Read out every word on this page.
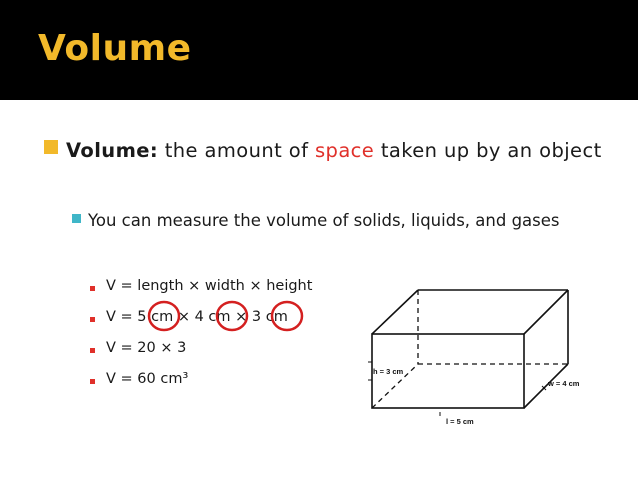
Volume
Volume: the amount of space taken up by an object
You can measure the volume of solids, liquids, and gases
V = length × width × height
V = 5 cm × 4 cm × 3 cm
V = 20 × 3
V = 60 cm³	h = 3 cm
w = 4 cm
l = 5 cm
